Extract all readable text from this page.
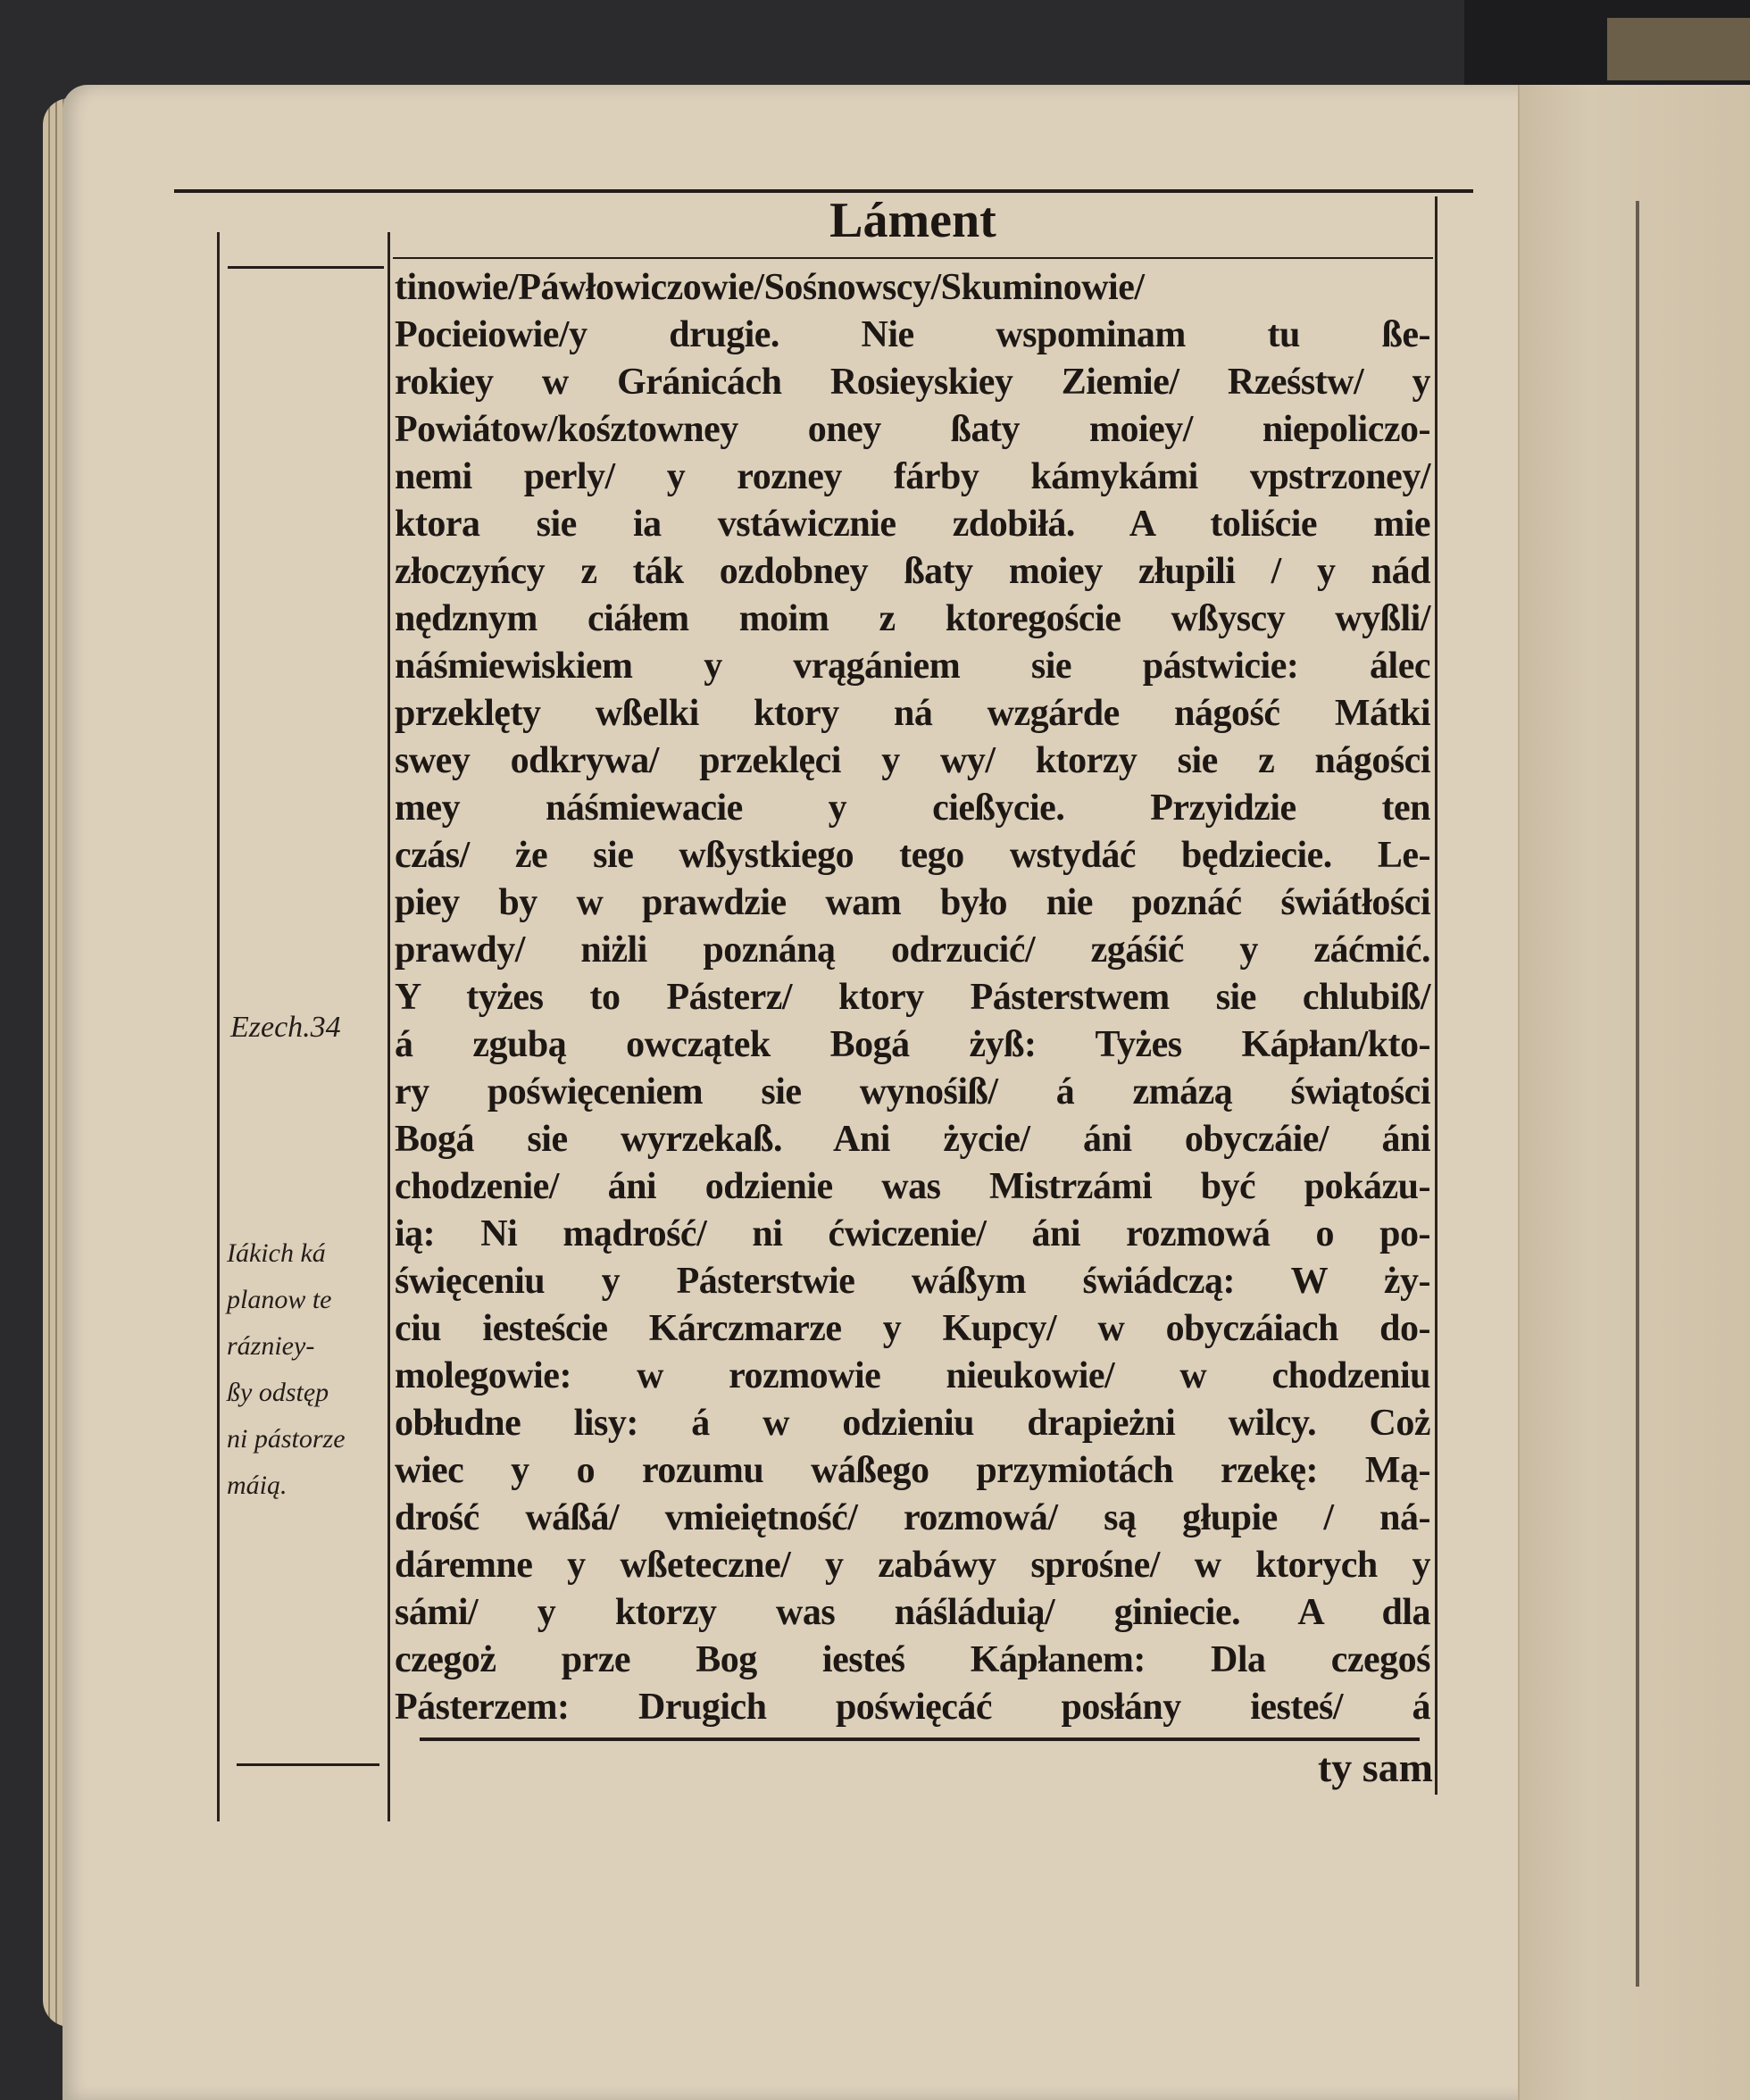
Láment
tinowie/Páwłowiczowie/Sośnowscy/Skuminowie/
Pocieiowie/y drugie. Nie wspominam tu ße-
rokiey w Gránicách Rosieyskiey Ziemie/ Rześstw/ y
Powiátow/kośztowney oney ßaty moiey/ niepoliczo-
nemi perly/ y rozney fárby kámykámi vpstrzoney/
ktora sie ia vstáwicznie zdobiłá. A toliście mie
złoczyńcy z ták ozdobney ßaty moiey złupili / y nád
nędznym ciáłem moim z ktoregoście wßyscy wyßli/
náśmiewiskiem y vrągániem sie pástwicie: álec
przeklęty wßelki ktory ná wzgárde nágość Mátki
swey odkrywa/ przeklęci y wy/ ktorzy sie z nágości
mey náśmiewacie y cießycie. Przyidzie ten
czás/ że sie wßystkiego tego wstydáć będziecie. Le-
piey by w prawdzie wam było nie poznáć świátłości
prawdy/ niżli poznáną odrzucić/ zgáśić y záćmić.
Y tyżes to Pásterz/ ktory Pásterstwem sie chlubiß/
á zgubą owczątek Bogá żyß: Tyżes Kápłan/kto-
ry poświęceniem sie wynośiß/ á zmázą świątości
Bogá sie wyrzekaß. Ani życie/ áni obyczáie/ áni
chodzenie/ áni odzienie was Mistrzámi być pokázu-
ią: Ni mądrość/ ni ćwiczenie/ áni rozmowá o po-
święceniu y Pásterstwie wáßym świádczą: W ży-
ciu iesteście Kárczmarze y Kupcy/ w obyczáiach do-
molegowie: w rozmowie nieukowie/ w chodzeniu
obłudne lisy: á w odzieniu drapieżni wilcy. Coż
wiec y o rozumu wáßego przymiotách rzekę: Mą-
drość wáßá/ vmieiętność/ rozmowá/ są głupie / ná-
dáremne y wßeteczne/ y zabáwy sprośne/ w ktorych y
sámi/ y ktorzy was náśláduią/ giniecie. A dla
czegoż prze Bog iesteś Kápłanem: Dla czegoś
Pásterzem: Drugich poświęcáć posłány iesteś/ á
Ezech.34
Iákich ká
planow te
rázniey-
ßy odstęp
ni pástorze
máią.
ty sam
